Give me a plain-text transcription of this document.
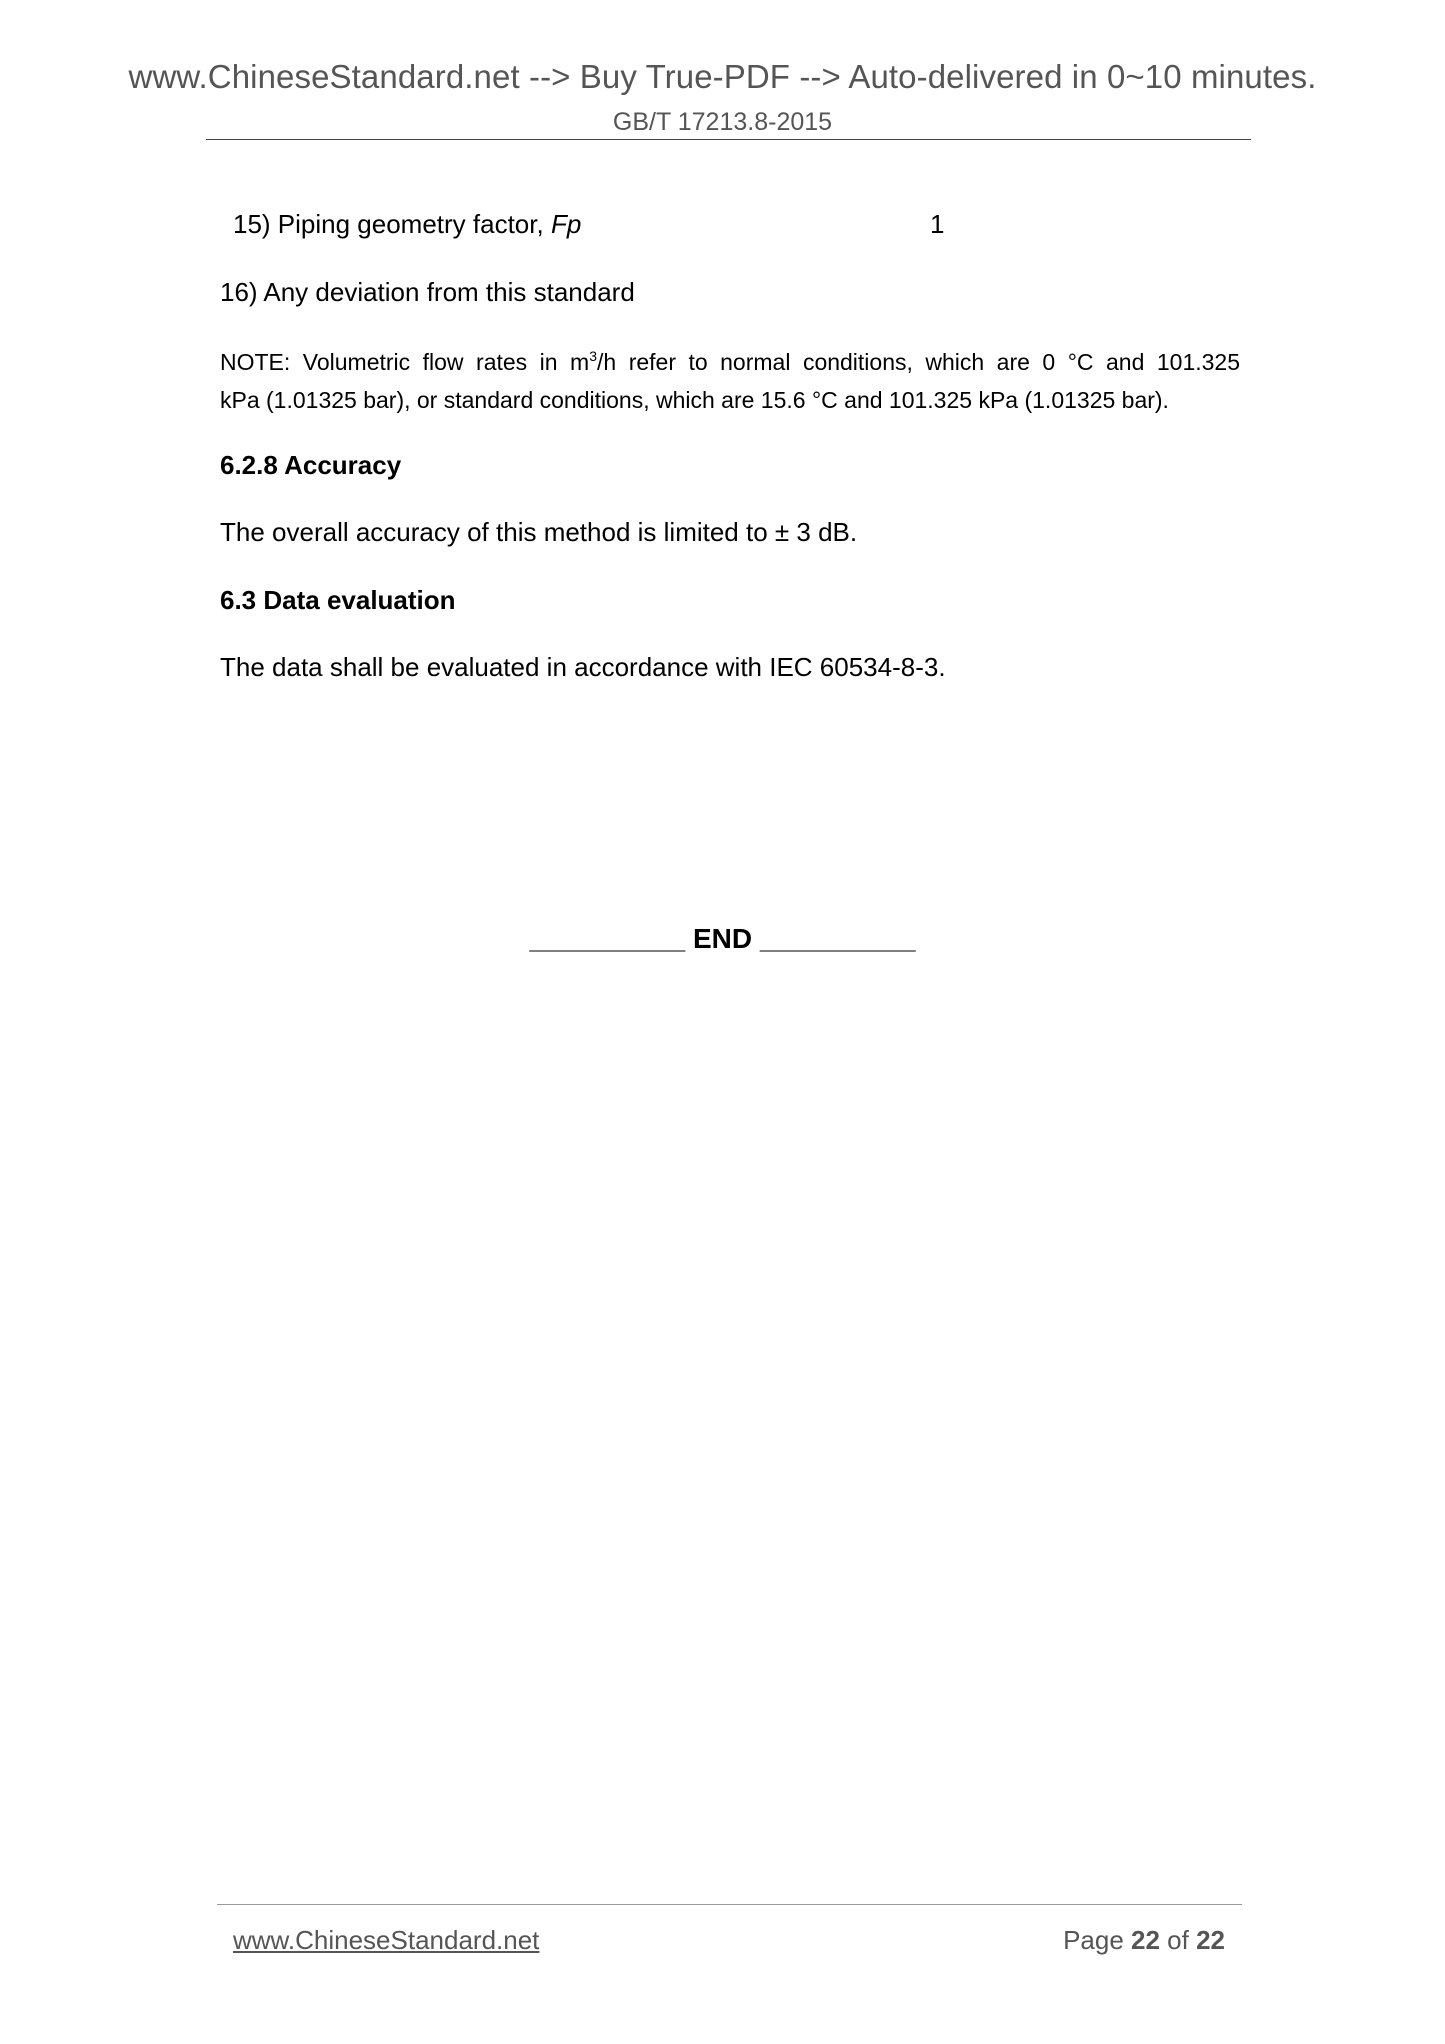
www.ChineseStandard.net --> Buy True-PDF --> Auto-delivered in 0~10 minutes.
GB/T 17213.8-2015
15) Piping geometry factor, Fp	1
16) Any deviation from this standard
NOTE: Volumetric flow rates in $m^3/h$ refer to normal conditions, which are 0 °C and 101.325
kPa (1.01325 bar), or standard conditions, which are 15.6 °C and 101.325 kPa (1.01325 bar).
6.2.8 Accuracy
The overall accuracy of this method is limited to ± 3 dB.
6.3 Data evaluation
The data shall be evaluated in accordance with IEC 60534-8-3.
__________ END __________
www.ChineseStandard.net	Page 22 of 22
